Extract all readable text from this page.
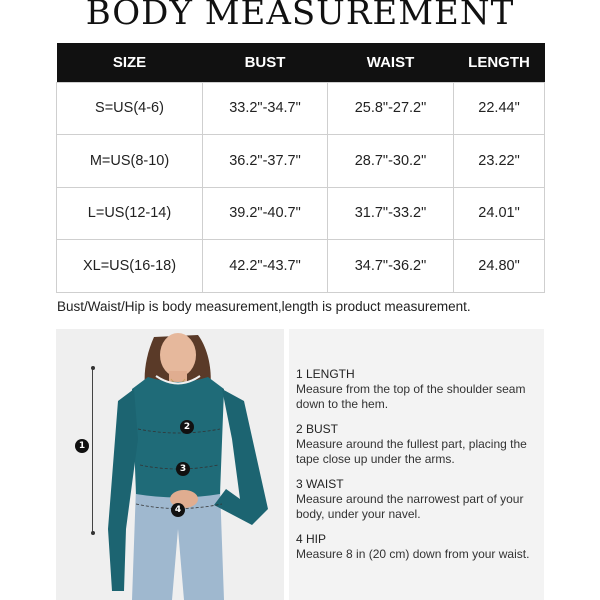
BODY MEASUREMENT
SIZE	BUST	WAIST	LENGTH
S=US(4-6)	33.2"-34.7"	25.8"-27.2"	22.44"
M=US(8-10)	36.2"-37.7"	28.7"-30.2"	23.22"
L=US(12-14)	39.2"-40.7"	31.7"-33.2"	24.01"
XL=US(16-18)	42.2"-43.7"	34.7"-36.2"	24.80"
Bust/Waist/Hip is body measurement,length is product measurement.
1
2
3
4
1 LENGTH
Measure from the top of the shoulder seam down to the hem.
2 BUST
Measure around the fullest part, placing the tape close up under the arms.
3 WAIST
Measure around the narrowest part of your body, under your navel.
4 HIP
Measure 8 in (20 cm) down from your waist.
